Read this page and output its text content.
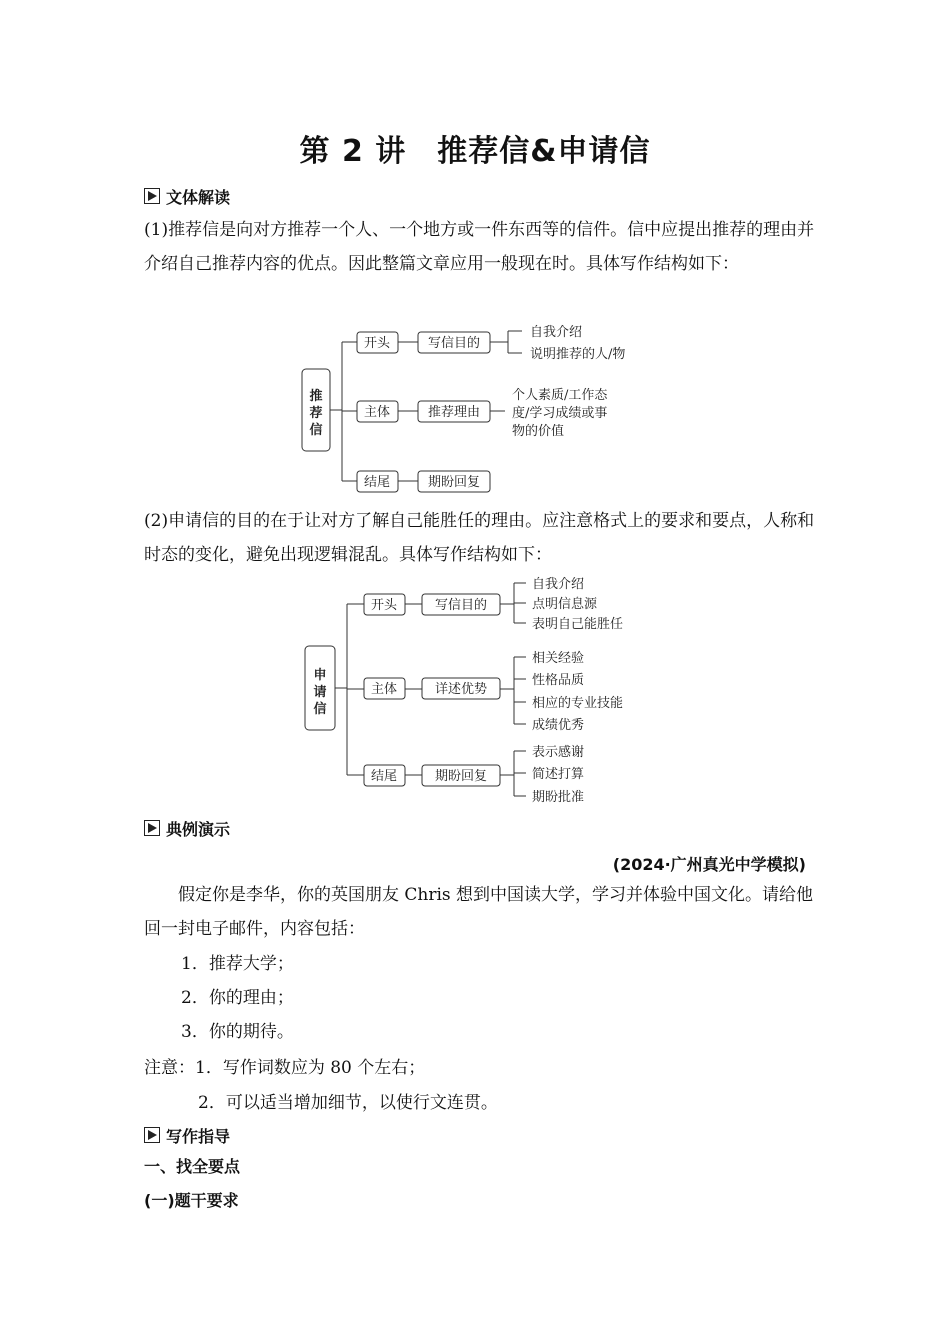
第 2 讲　推荐信&申请信
文体解读

(1)推荐信是向对方推荐一个人、一个地方或一件东西等的信件。信中应提出推荐的理由并介绍自己推荐内容的优点。因此整篇文章应用一般现在时。具体写作结构如下：

推
荐
信
开头
主体
结尾
写信目的
推荐理由
期盼回复
自我介绍
说明推荐的人/物
个人素质/工作态
度/学习成绩或事
物的价值

(2)申请信的目的在于让对方了解自己能胜任的理由。应注意格式上的要求和要点，人称和时态的变化，避免出现逻辑混乱。具体写作结构如下：

申
请
信
开头
主体
结尾
写信目的
详述优势
期盼回复
自我介绍
点明信息源
表明自己能胜任
相关经验
性格品质
相应的专业技能
成绩优秀
表示感谢
简述打算
期盼批准
典例演示
(2024·广州真光中学模拟)

假定你是李华，你的英国朋友 Chris 想到中国读大学，学习并体验中国文化。请给他回一封电子邮件，内容包括：

1．推荐大学；
2．你的理由；
3．你的期待。
注意：1．写作词数应为 80 个左右；
2．可以适当增加细节，以使行文连贯。
写作指导
一、找全要点
(一)题干要求
